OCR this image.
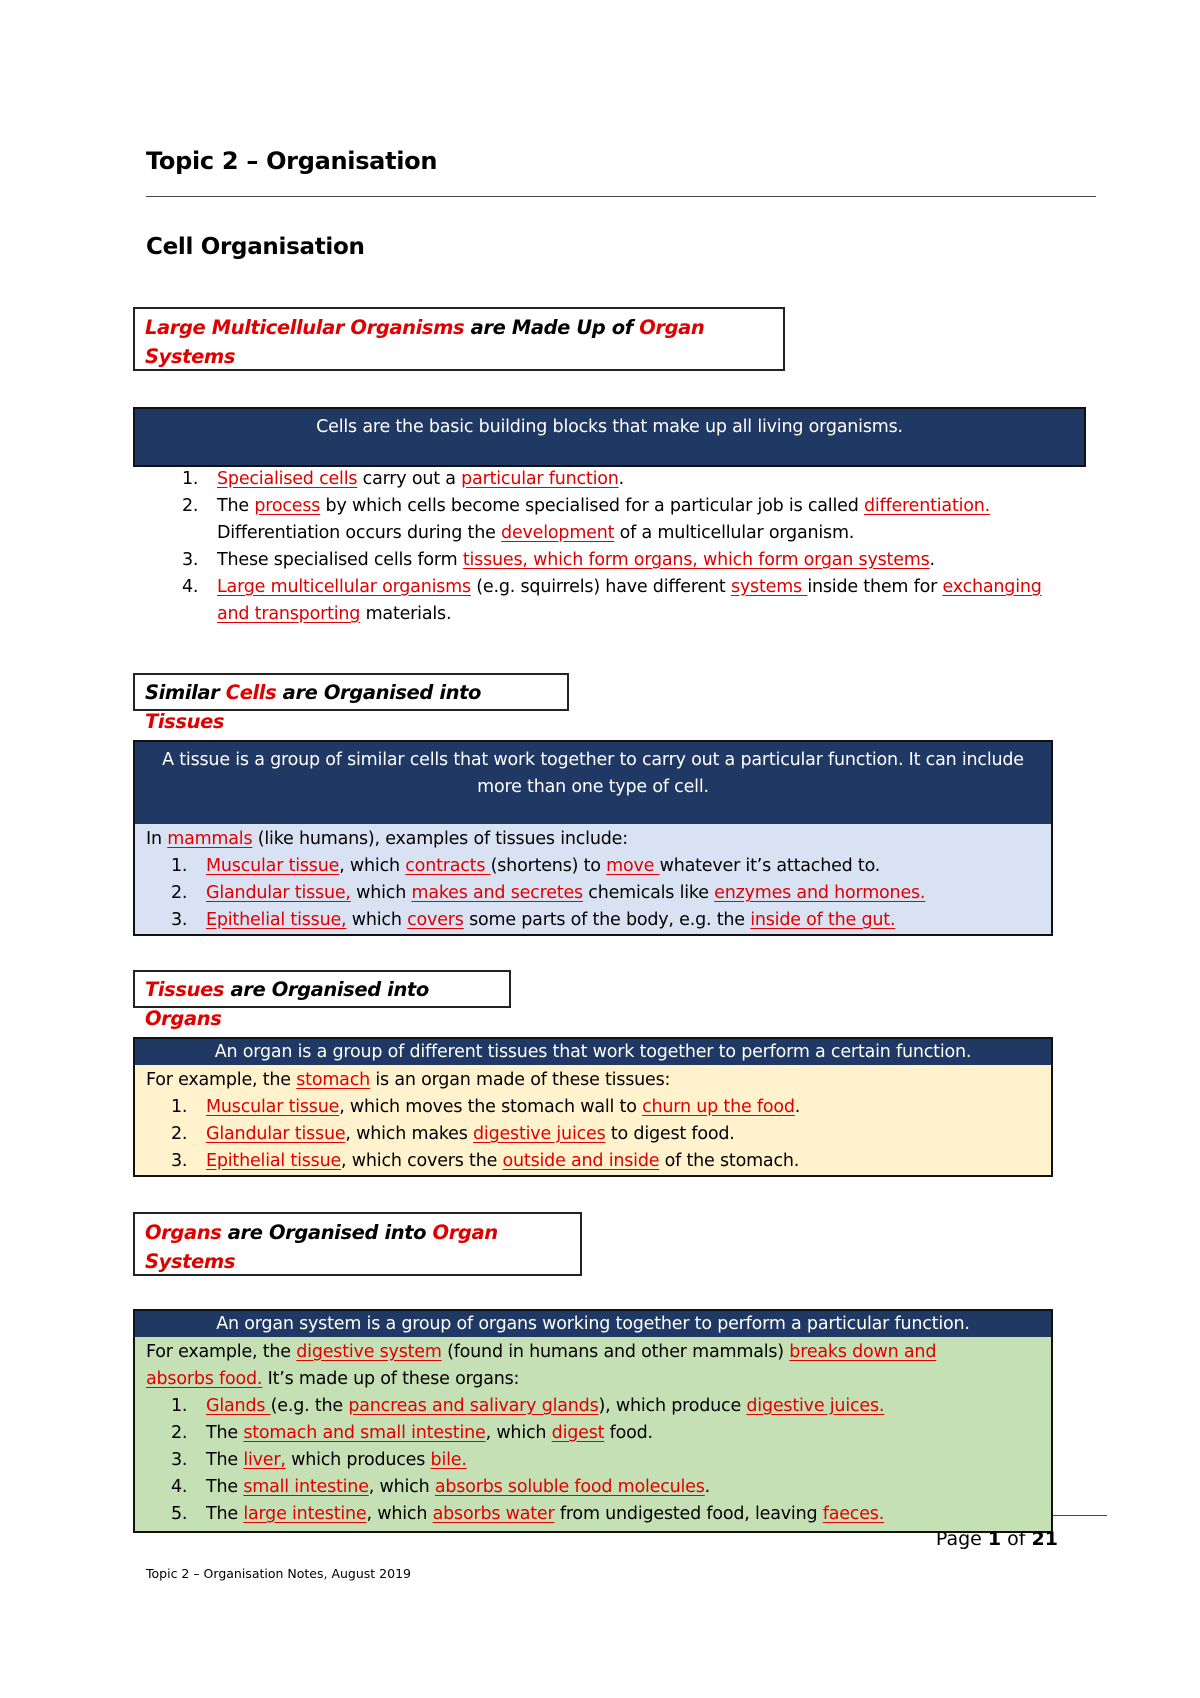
Topic 2 – Organisation
Cell Organisation
Large Multicellular Organisms are Made Up of Organ Systems
Cells are the basic building blocks that make up all living organisms.
1. Specialised cells carry out a particular function.
2. The process by which cells become specialised for a particular job is called differentiation. Differentiation occurs during the development of a multicellular organism.
3. These specialised cells form tissues, which form organs, which form organ systems.
4. Large multicellular organisms (e.g. squirrels) have different systems inside them for exchanging and transporting materials.
Similar Cells are Organised into Tissues
A tissue is a group of similar cells that work together to carry out a particular function. It can include more than one type of cell.
In mammals (like humans), examples of tissues include:
1. Muscular tissue, which contracts (shortens) to move whatever it’s attached to.
2. Glandular tissue, which makes and secretes chemicals like enzymes and hormones.
3. Epithelial tissue, which covers some parts of the body, e.g. the inside of the gut.
Tissues are Organised into Organs
An organ is a group of different tissues that work together to perform a certain function.
For example, the stomach is an organ made of these tissues:
1. Muscular tissue, which moves the stomach wall to churn up the food.
2. Glandular tissue, which makes digestive juices to digest food.
3. Epithelial tissue, which covers the outside and inside of the stomach.
Organs are Organised into Organ Systems
An organ system is a group of organs working together to perform a particular function.
For example, the digestive system (found in humans and other mammals) breaks down and absorbs food. It’s made up of these organs:
1. Glands (e.g. the pancreas and salivary glands), which produce digestive juices.
2. The stomach and small intestine, which digest food.
3. The liver, which produces bile.
4. The small intestine, which absorbs soluble food molecules.
5. The large intestine, which absorbs water from undigested food, leaving faeces.
Page 1 of 21
Topic 2 – Organisation Notes, August 2019
